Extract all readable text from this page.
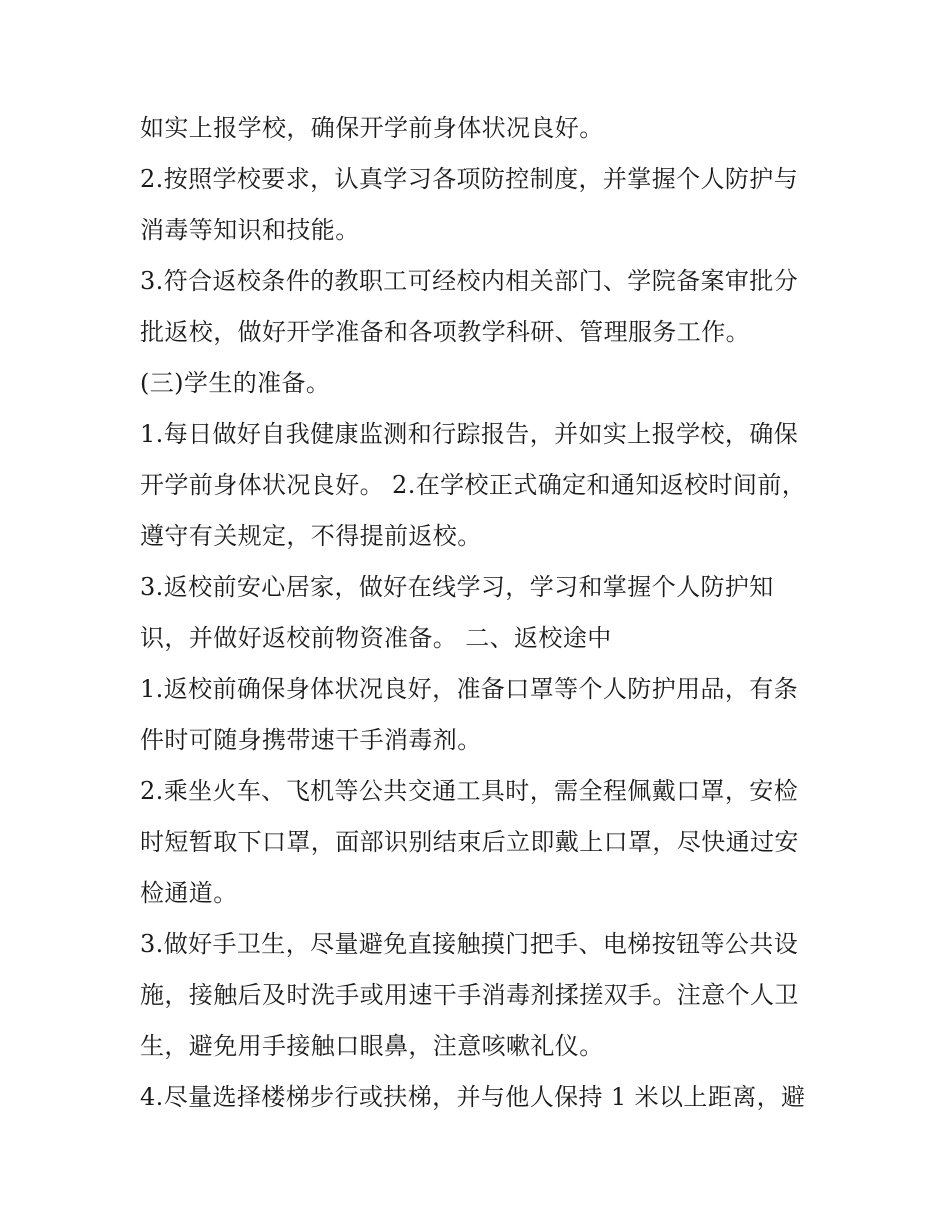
如实上报学校，确保开学前身体状况良好。
2.按照学校要求，认真学习各项防控制度，并掌握个人防护与
消毒等知识和技能。
3.符合返校条件的教职工可经校内相关部门、学院备案审批分
批返校，做好开学准备和各项教学科研、管理服务工作。
(三)学生的准备。
1.每日做好自我健康监测和行踪报告，并如实上报学校，确保
开学前身体状况良好。 2.在学校正式确定和通知返校时间前，
遵守有关规定，不得提前返校。
3.返校前安心居家，做好在线学习，学习和掌握个人防护知
识，并做好返校前物资准备。 二、返校途中
1.返校前确保身体状况良好，准备口罩等个人防护用品，有条
件时可随身携带速干手消毒剂。
2.乘坐火车、飞机等公共交通工具时，需全程佩戴口罩，安检
时短暂取下口罩，面部识别结束后立即戴上口罩，尽快通过安
检通道。
3.做好手卫生，尽量避免直接触摸门把手、电梯按钮等公共设
施，接触后及时洗手或用速干手消毒剂揉搓双手。注意个人卫
生，避免用手接触口眼鼻，注意咳嗽礼仪。
4.尽量选择楼梯步行或扶梯，并与他人保持 1 米以上距离，避
